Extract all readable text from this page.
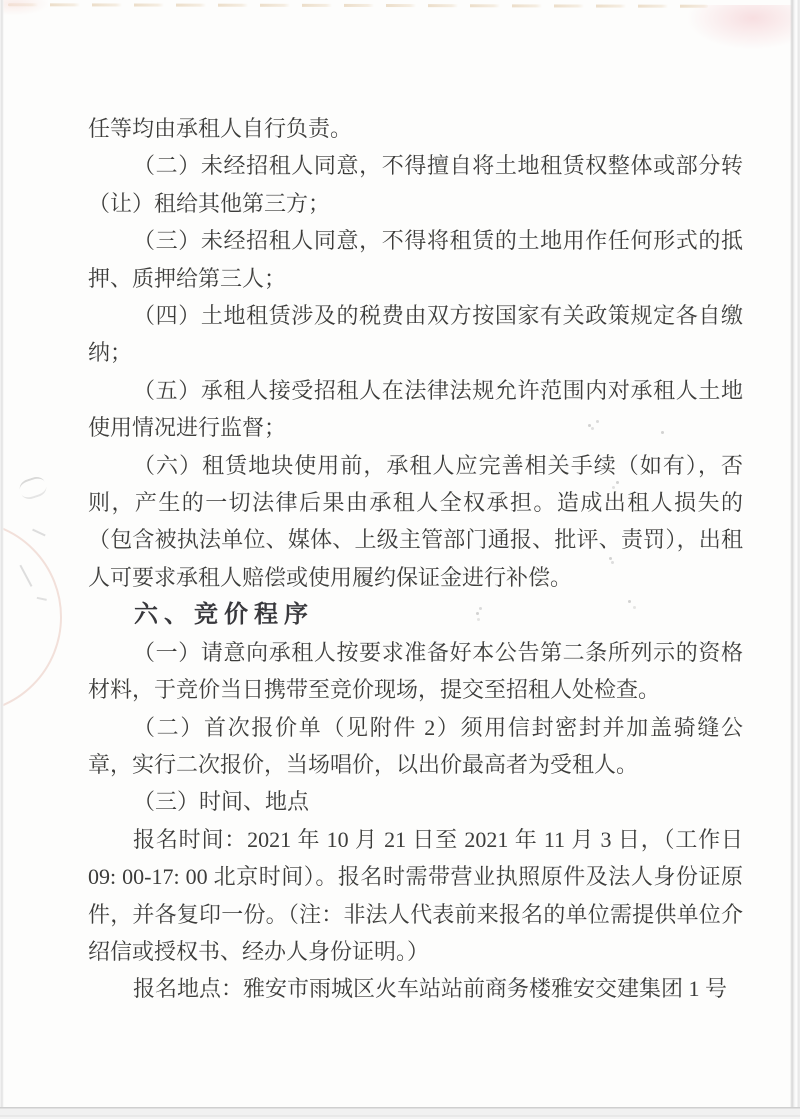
任等均由承租人自行负责。

（二）未经招租人同意，不得擅自将土地租赁权整体或部分转（让）租给其他第三方；

（三）未经招租人同意，不得将租赁的土地用作任何形式的抵押、质押给第三人；

（四）土地租赁涉及的税费由双方按国家有关政策规定各自缴纳；

（五）承租人接受招租人在法律法规允许范围内对承租人土地使用情况进行监督；

（六）租赁地块使用前，承租人应完善相关手续（如有），否则，产生的一切法律后果由承租人全权承担。造成出租人损失的（包含被执法单位、媒体、上级主管部门通报、批评、责罚），出租人可要求承租人赔偿或使用履约保证金进行补偿。

六、竞价程序

（一）请意向承租人按要求准备好本公告第二条所列示的资格材料，于竞价当日携带至竞价现场，提交至招租人处检查。

（二）首次报价单（见附件 2）须用信封密封并加盖骑缝公章，实行二次报价，当场唱价，以出价最高者为受租人。

（三）时间、地点

报名时间：2021 年 10 月 21 日至 2021 年 11 月 3 日，（工作日 09: 00-17: 00 北京时间）。报名时需带营业执照原件及法人身份证原件，并各复印一份。（注：非法人代表前来报名的单位需提供单位介绍信或授权书、经办人身份证明。）

报名地点：雅安市雨城区火车站站前商务楼雅安交建集团 1 号
